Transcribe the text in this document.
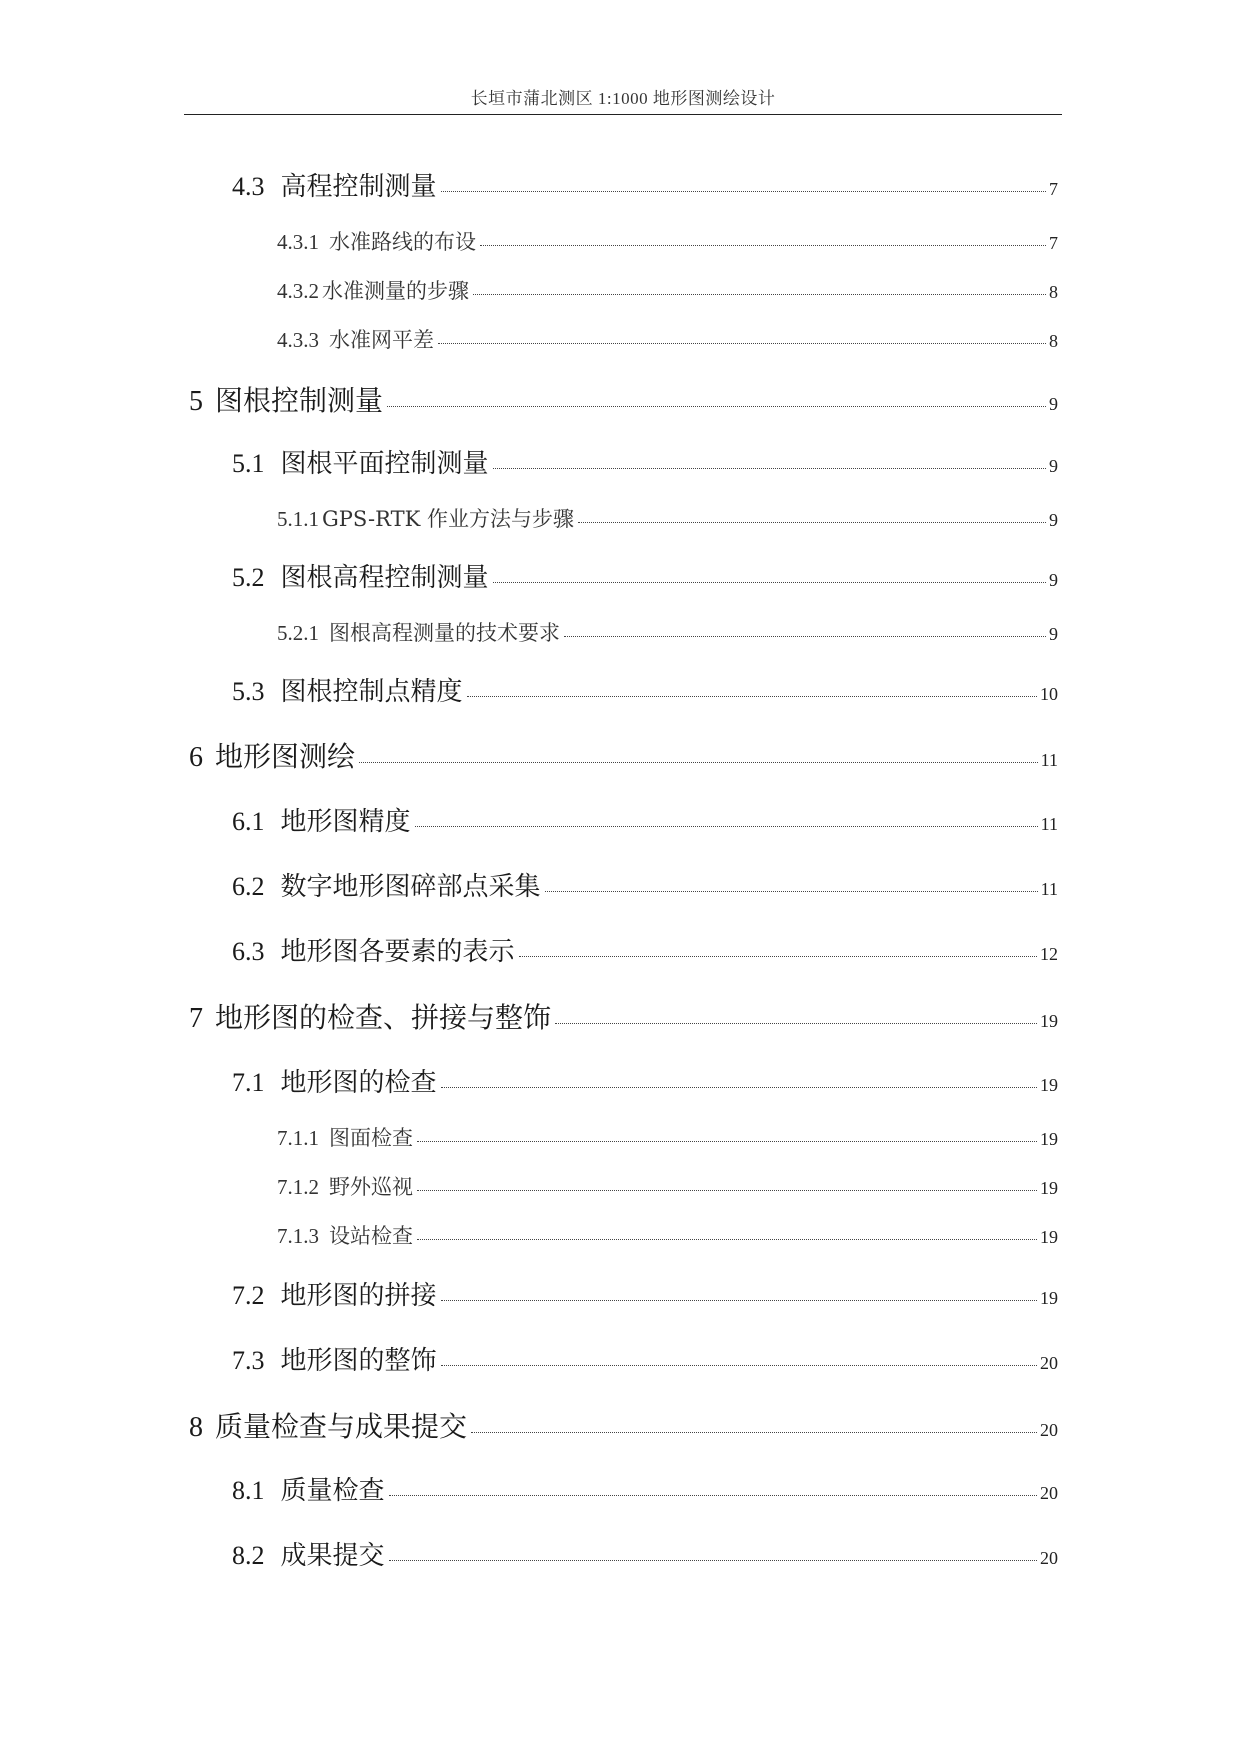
长垣市蒲北测区 1:1000 地形图测绘设计
4.3 高程控制测量	7
4.3.1 水准路线的布设	7
4.3.2 水准测量的步骤	8
4.3.3 水准网平差	8
5 图根控制测量	9
5.1 图根平面控制测量	9
5.1.1 GPS-RTK 作业方法与步骤	9
5.2 图根高程控制测量	9
5.2.1 图根高程测量的技术要求	9
5.3 图根控制点精度	10
6 地形图测绘	11
6.1 地形图精度	11
6.2 数字地形图碎部点采集	11
6.3 地形图各要素的表示	12
7 地形图的检查、拼接与整饰	19
7.1 地形图的检查	19
7.1.1 图面检查	19
7.1.2 野外巡视	19
7.1.3 设站检查	19
7.2 地形图的拼接	19
7.3 地形图的整饰	20
8 质量检查与成果提交	20
8.1 质量检查	20
8.2 成果提交	20
